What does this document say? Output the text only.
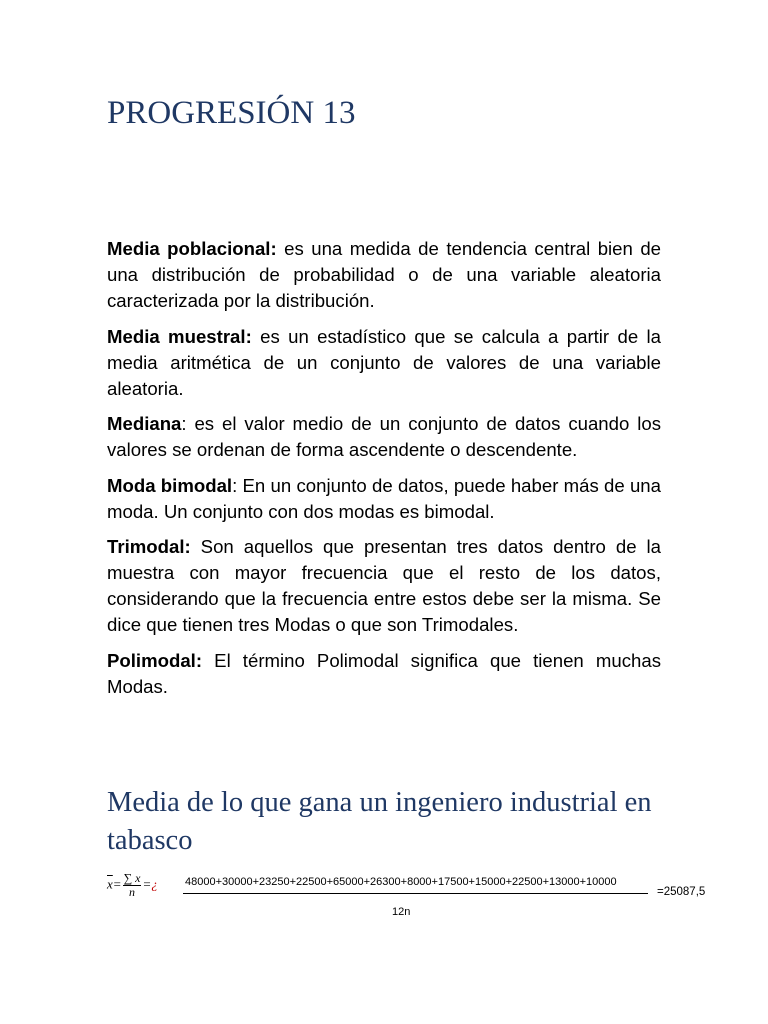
PROGRESIÓN 13

Media poblacional: es una medida de tendencia central bien de una distribución de probabilidad o de una variable aleatoria caracterizada por la distribución.

Media muestral: es un estadístico que se calcula a partir de la media aritmética de un conjunto de valores de una variable aleatoria.

Mediana: es el valor medio de un conjunto de datos cuando los valores se ordenan de forma ascendente o descendente.

Moda bimodal: En un conjunto de datos, puede haber más de una moda. Un conjunto con dos modas es bimodal.

Trimodal: Son aquellos que presentan tres datos dentro de la muestra con mayor frecuencia que el resto de los datos, considerando que la frecuencia entre estos debe ser la misma. Se dice que tienen tres Modas o que son Trimodales.

Polimodal: El término Polimodal significa que tienen muchas Modas.

Media de lo que gana un ingeniero industrial en tabasco
$\overline{x}= \frac{\sum x}{n}$ =¿ 48000+30000+23250+22500+65000+26300+8000+17500+15000+22500+13000+10000
12n
=25087,5
